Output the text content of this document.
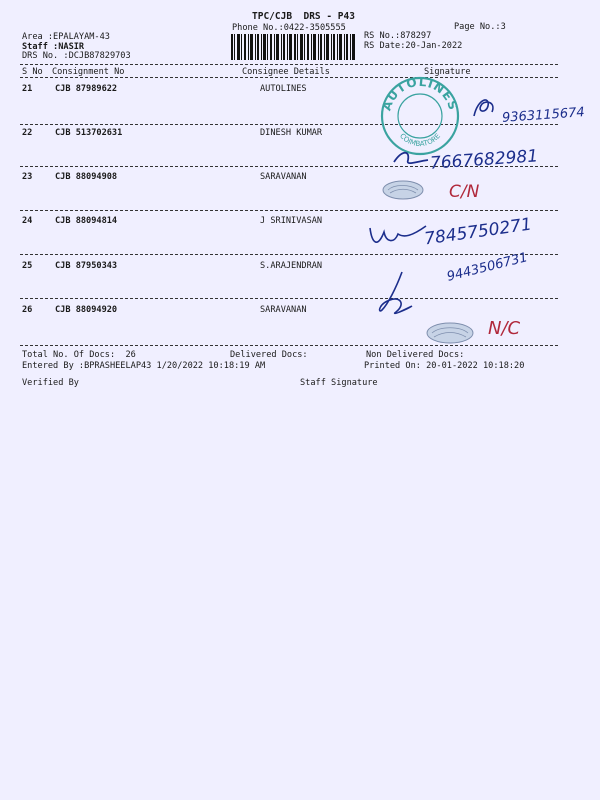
TPC/CJB  DRS - P43
Phone No.:0422-3505555	Page No.:3
Area :EPALAYAM-43
Staff :NASIR
DRS No. :DCJB87829703
RS No.:878297
RS Date:20-Jan-2022
S No Consignment No	Consignee Details	Signature
21	CJB 87989622	AUTOLINES
22	CJB 513702631	DINESH KUMAR
23	CJB 88094908	SARAVANAN
24	CJB 88094814	J SRINIVASAN
25	CJB 87950343	S.ARAJENDRAN
26	CJB 88094920	SARAVANAN
AUTOLINES
COIMBATORE
9363115674
7667682981
C/N
7845750271
9443506731
N/C
Total No. Of Docs:  26	Delivered Docs:	Non Delivered Docs:
Entered By :BPRASHEELAP43 1/20/2022 10:18:19 AM	Printed On: 20-01-2022 10:18:20
Verified By	Staff Signature
